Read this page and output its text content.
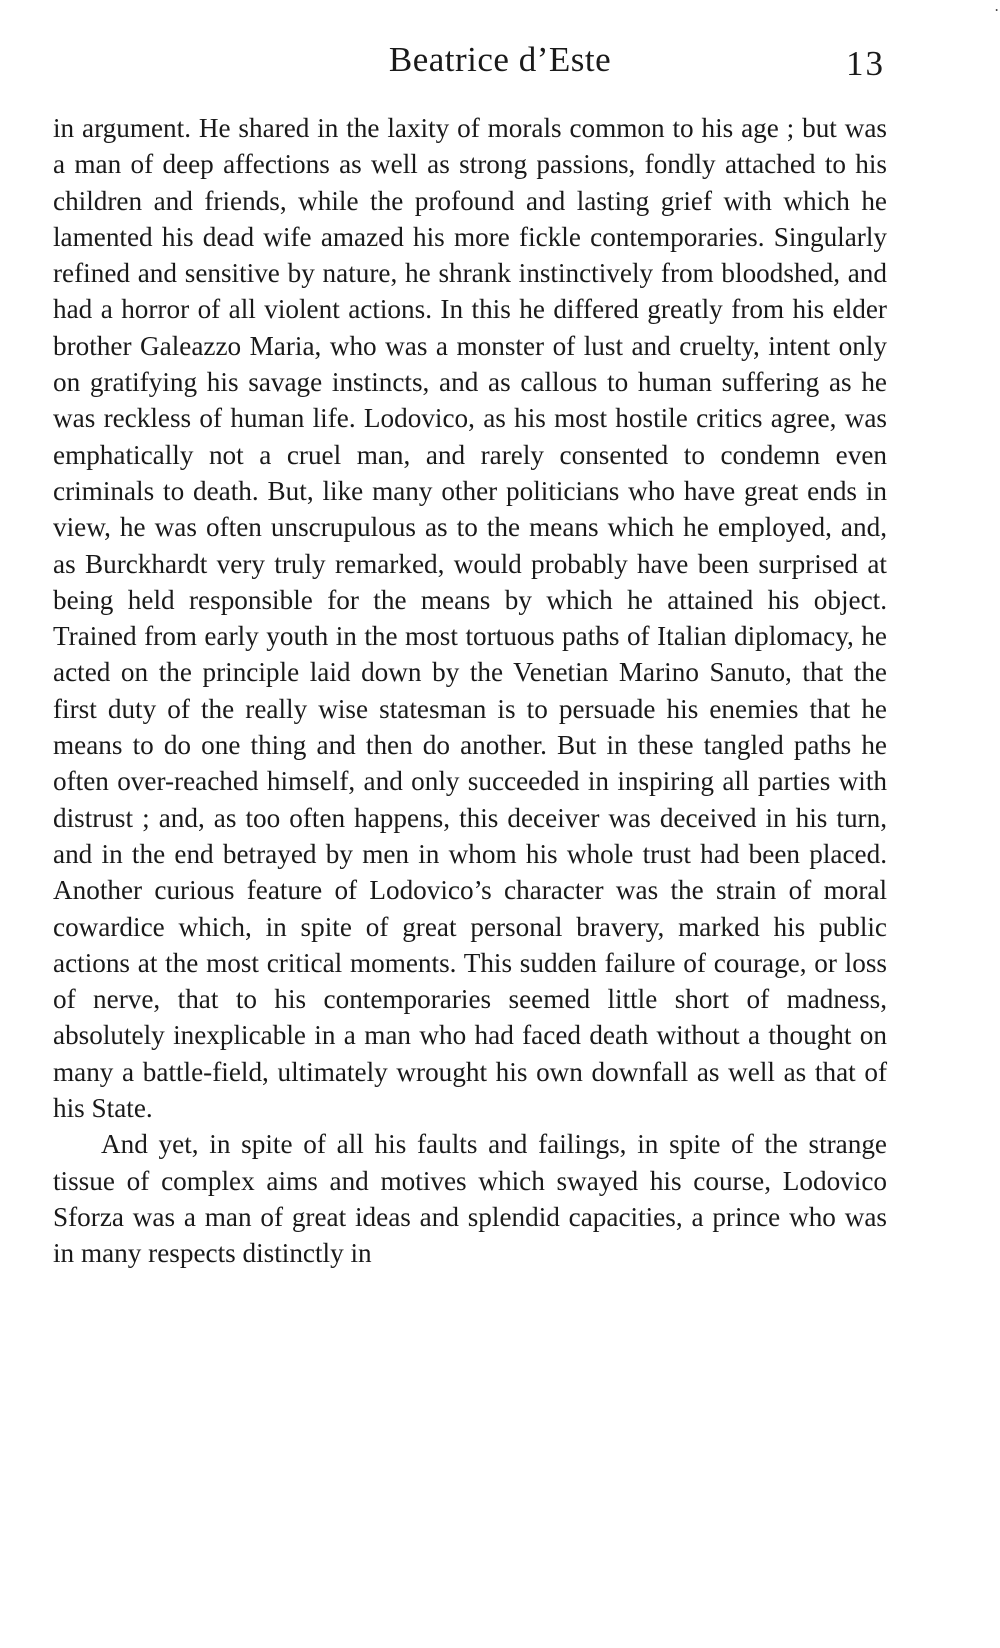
•
Beatrice d’Este	13

in argument. He shared in the laxity of morals common to his age ; but was a man of deep affections as well as strong passions, fondly attached to his children and friends, while the profound and lasting grief with which he lamented his dead wife amazed his more fickle contemporaries. Singularly refined and sensitive by nature, he shrank instinctively from bloodshed, and had a horror of all violent actions. In this he differed greatly from his elder brother Galeazzo Maria, who was a monster of lust and cruelty, intent only on gratifying his savage instincts, and as callous to human suffering as he was reckless of human life. Lodovico, as his most hostile critics agree, was emphatically not a cruel man, and rarely consented to condemn even criminals to death. But, like many other politicians who have great ends in view, he was often unscrupulous as to the means which he employed, and, as Burckhardt very truly remarked, would probably have been surprised at being held responsible for the means by which he attained his object. Trained from early youth in the most tortuous paths of Italian diplomacy, he acted on the principle laid down by the Venetian Marino Sanuto, that the first duty of the really wise statesman is to persuade his enemies that he means to do one thing and then do another. But in these tangled paths he often over-reached himself, and only succeeded in inspiring all parties with distrust ; and, as too often happens, this deceiver was deceived in his turn, and in the end betrayed by men in whom his whole trust had been placed. Another curious feature of Lodovico’s character was the strain of moral cowardice which, in spite of great personal bravery, marked his public actions at the most critical moments. This sudden failure of courage, or loss of nerve, that to his contemporaries seemed little short of madness, absolutely inexplicable in a man who had faced death without a thought on many a battle-field, ultimately wrought his own downfall as well as that of his State.

And yet, in spite of all his faults and failings, in spite of the strange tissue of complex aims and motives which swayed his course, Lodovico Sforza was a man of great ideas and splendid capacities, a prince who was in many respects distinctly in
